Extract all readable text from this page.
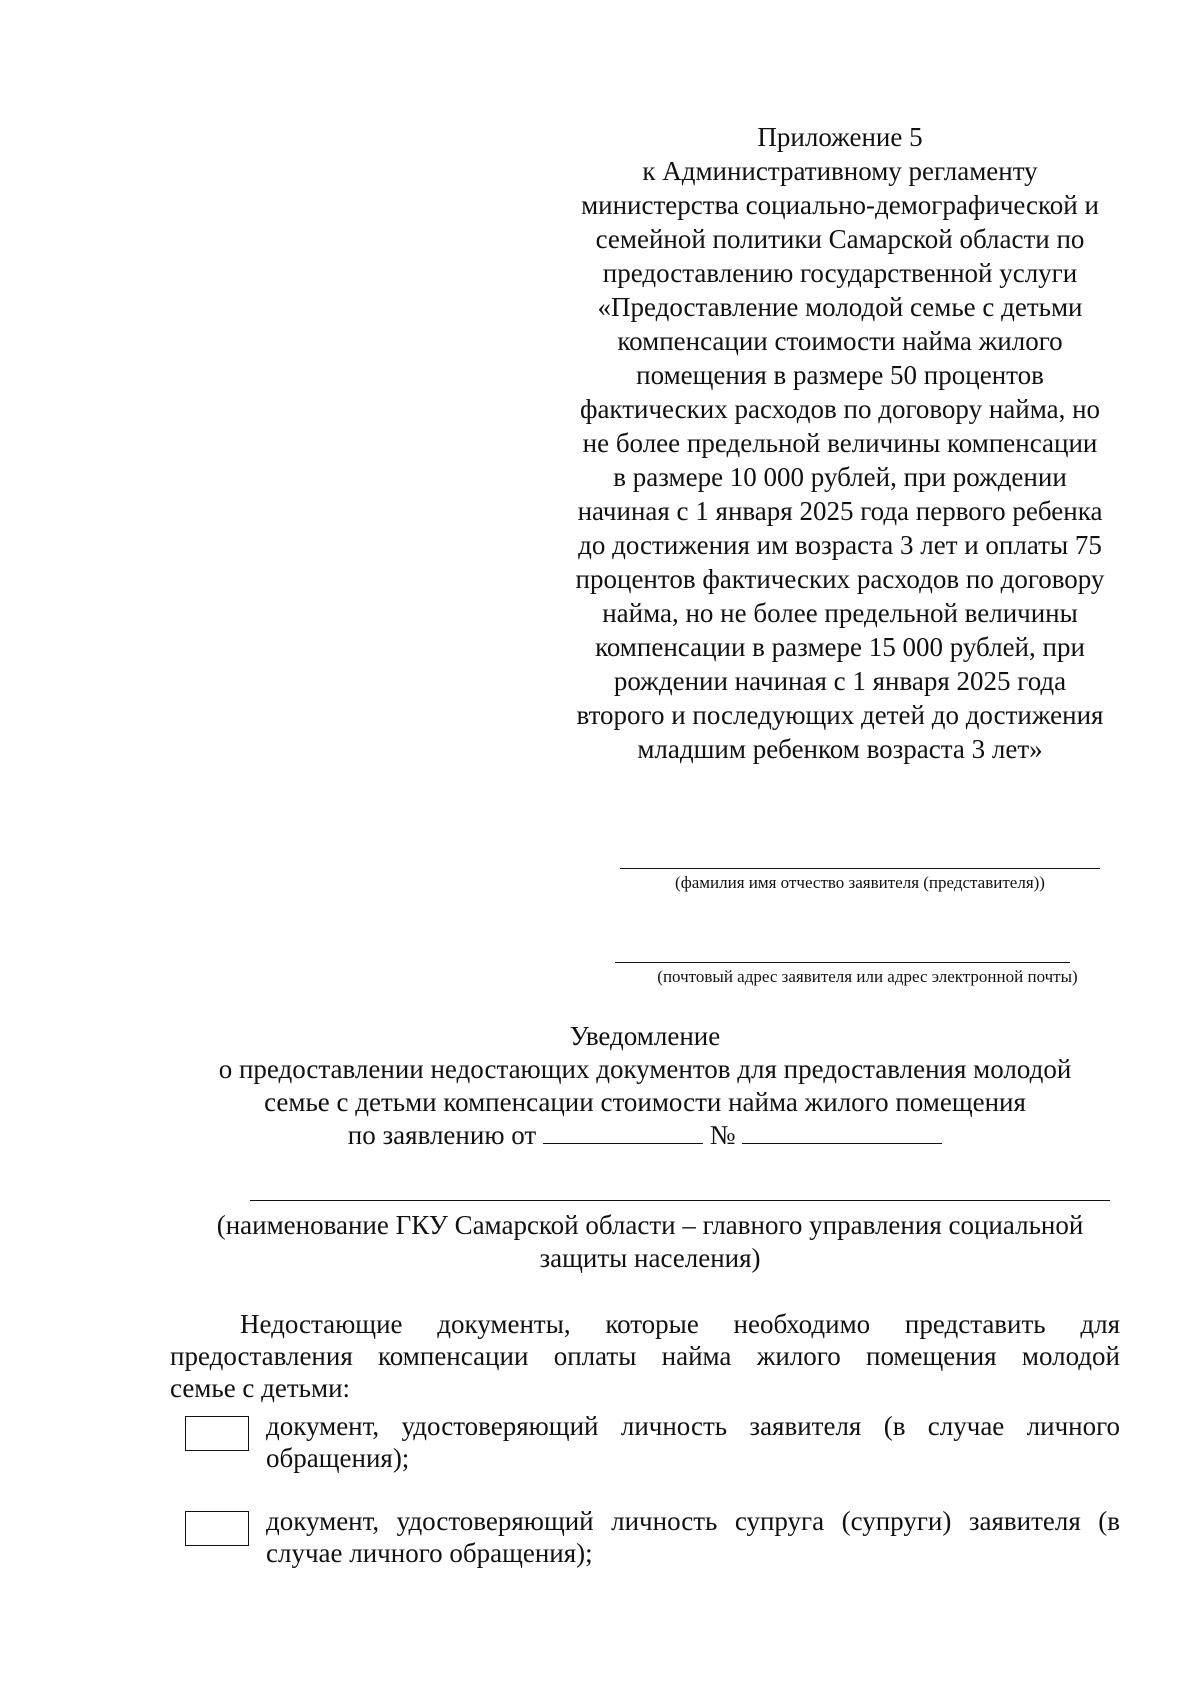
Приложение 5
к Административному регламенту
министерства социально-демографической и
семейной политики Самарской области по
предоставлению государственной услуги
«Предоставление молодой семье с детьми
компенсации стоимости найма жилого
помещения в размере 50 процентов
фактических расходов по договору найма, но
не более предельной величины компенсации
в размере 10 000 рублей, при рождении
начиная с 1 января 2025 года первого ребенка
до достижения им возраста 3 лет и оплаты 75
процентов фактических расходов по договору
найма, но не более предельной величины
компенсации в размере 15 000 рублей, при
рождении начиная с 1 января 2025 года
второго и последующих детей до достижения
младшим ребенком возраста 3 лет»
(фамилия имя отчество заявителя (представителя))
(почтовый адрес заявителя или адрес электронной почты)
Уведомление
о предоставлении недостающих документов для предоставления молодой
семье с детьми компенсации стоимости найма жилого помещения
по заявлению от	№
(наименование ГКУ Самарской области – главного управления социальной
защиты населения)
Недостающие документы, которые необходимо представить для
предоставления компенсации оплаты найма жилого помещения молодой
семье с детьми:
документ, удостоверяющий личность заявителя (в случае личного
обращения);
документ, удостоверяющий личность супруга (супруги) заявителя (в
случае личного обращения);
